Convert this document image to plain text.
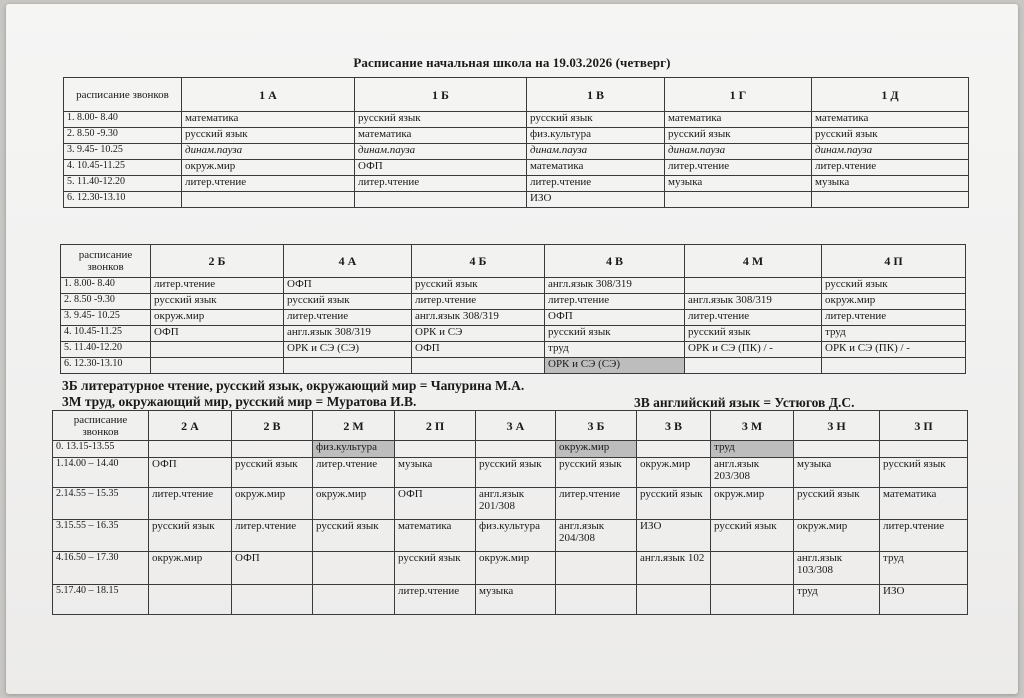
Расписание начальная школа на 19.03.2026 (четверг)
расписание звонков	1 А	1 Б	1 В	1 Г	1 Д
1. 8.00- 8.40	математика	русский язык	русский язык	математика	математика
2. 8.50 -9.30	русский язык	математика	физ.культура	русский язык	русский язык
3. 9.45- 10.25	динам.пауза	динам.пауза	динам.пауза	динам.пауза	динам.пауза
4. 10.45-11.25	окруж.мир	ОФП	математика	литер.чтение	литер.чтение
5. 11.40-12.20	литер.чтение	литер.чтение	литер.чтение	музыка	музыка
6. 12.30-13.10			ИЗО		
расписание звонков	2 Б	4 А	4 Б	4 В	4 М	4 П
1. 8.00- 8.40	литер.чтение	ОФП	русский язык	англ.язык 308/319		русский язык
2. 8.50 -9.30	русский язык	русский язык	литер.чтение	литер.чтение	англ.язык 308/319	окруж.мир
3. 9.45- 10.25	окруж.мир	литер.чтение	англ.язык 308/319	ОФП	литер.чтение	литер.чтение
4. 10.45-11.25	ОФП	англ.язык 308/319	ОРК и СЭ	русский язык	русский язык	труд
5. 11.40-12.20		ОРК и СЭ (СЭ)	ОФП	труд	ОРК и СЭ (ПК) / -	ОРК и СЭ (ПК) / -
6. 12.30-13.10				ОРК и СЭ (СЭ)		
3Б литературное чтение, русский язык, окружающий мир = Чапурина М.А.
3М труд, окружающий мир, русский мир = Муратова И.В.	3В английский язык = Устюгов Д.С.
расписание звонков	2 А	2 В	2 М	2 П	3 А	3 Б	3 В	3 М	3 Н	3 П
0. 13.15-13.55			физ.культура			окруж.мир		труд		
1.14.00 – 14.40	ОФП	русский язык	литер.чтение	музыка	русский язык	русский язык	окруж.мир	англ.язык 203/308	музыка	русский язык
2.14.55 – 15.35	литер.чтение	окруж.мир	окруж.мир	ОФП	англ.язык 201/308	литер.чтение	русский язык	окруж.мир	русский язык	математика
3.15.55 – 16.35	русский язык	литер.чтение	русский язык	математика	физ.культура	англ.язык 204/308	ИЗО	русский язык	окруж.мир	литер.чтение
4.16.50 – 17.30	окруж.мир	ОФП		русский язык	окруж.мир		англ.язык 102		англ.язык 103/308	труд
5.17.40 – 18.15				литер.чтение	музыка				труд	ИЗО
